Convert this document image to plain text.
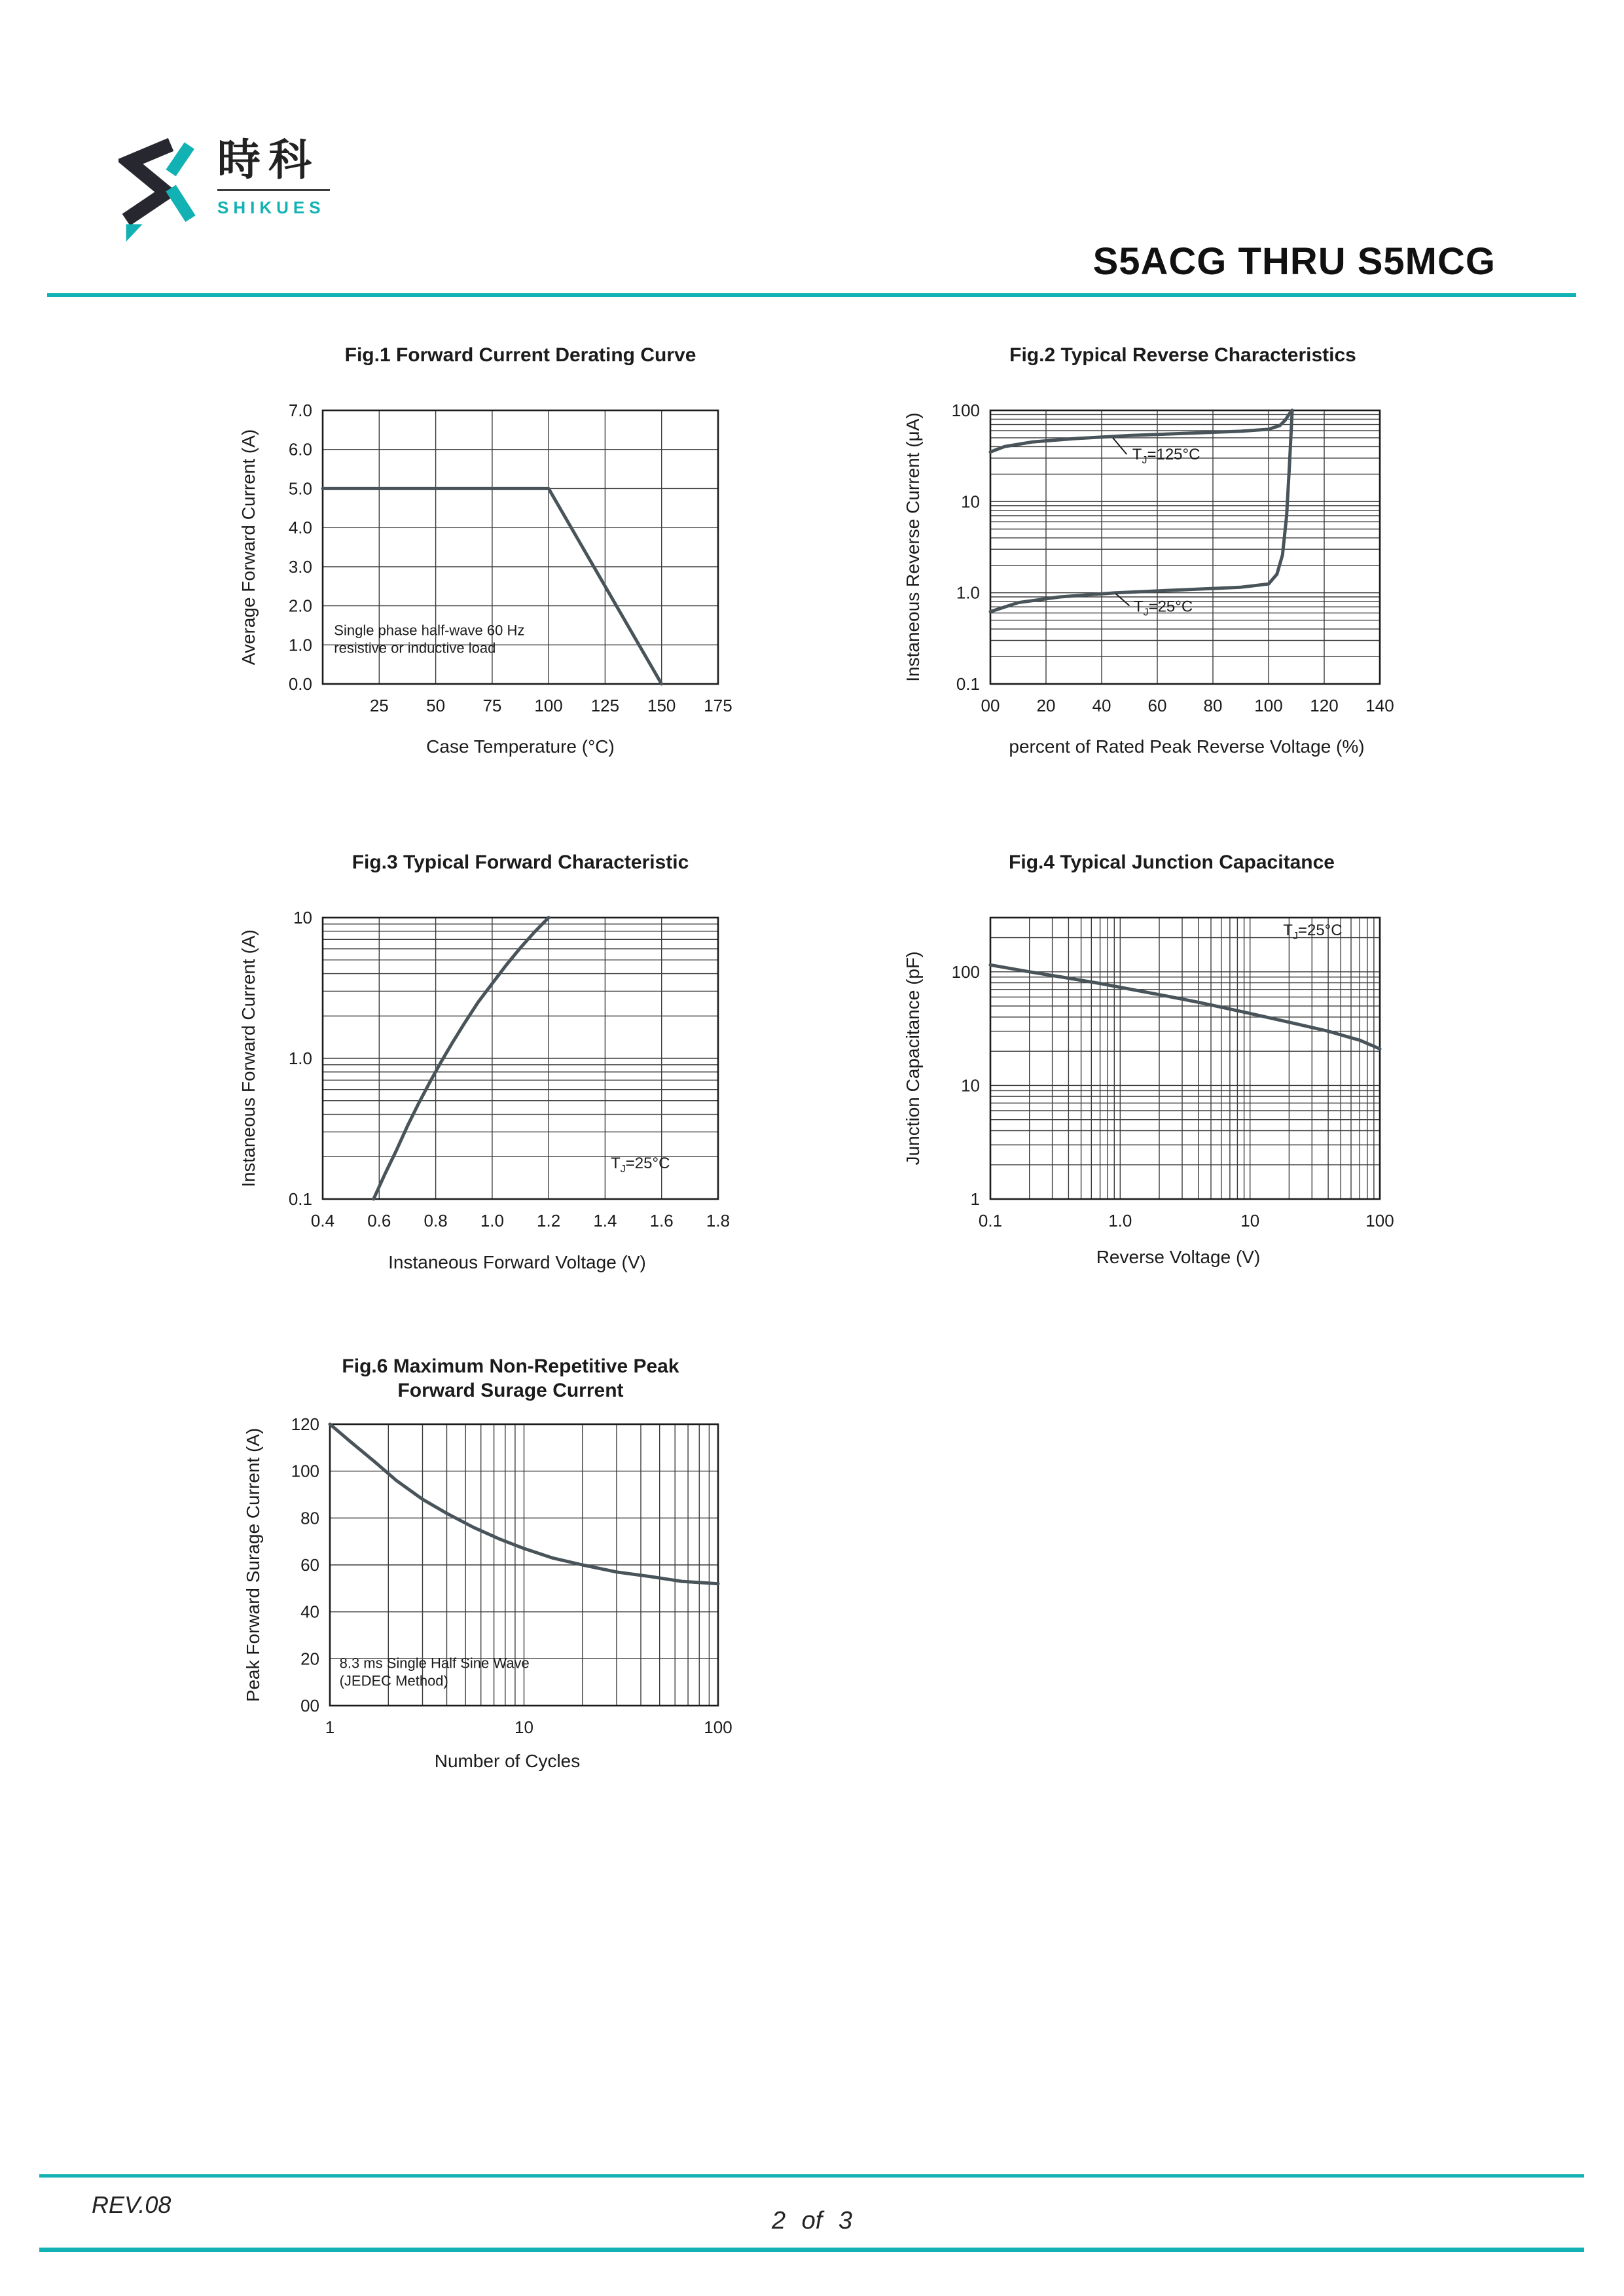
時科
SHIKUES
S5ACG THRU S5MCG
25 50 75 100 125 150 175
0.0
1.0
2.0
3.0
4.0
5.0
6.0
7.0
Fig.1 Forward Current Derating Curve
Case Temperature (°C)
Average Forward Current (A)	Single phase half-wave 60 Hz
resistive or inductive load
00 20 40 60 80 100 120 140
100
10
1.0
0.1
Fig.2 Typical Reverse Characteristics
percent of Rated Peak Reverse Voltage (%)
Instaneous Reverse Current (μA)	$T_J=125^\circ C$
$T_J=25^\circ C$
0.4 0.6 0.8 1.0 1.2 1.4 1.6 1.8
10
1.0
0.1
Fig.3 Typical Forward Characteristic
Instaneous Forward Voltage (V)
Instaneous Forward Current (A)	$T_J=25^\circ C$
0.1	1.0	10	100
100
10
1
Fig.4 Typical Junction Capacitance
Reverse Voltage (V)
Junction Capacitance (pF)
$T_J=25^\circ C$
1	10	100
00
20
40
60
80
100
120
Fig.6 Maximum Non-Repetitive Peak
Forward Surage Current
Number of Cycles
Peak Forward Surage Current (A)	8.3 ms Single Half Sine Wave
(JEDEC Method)
REV.08
2 of 3
